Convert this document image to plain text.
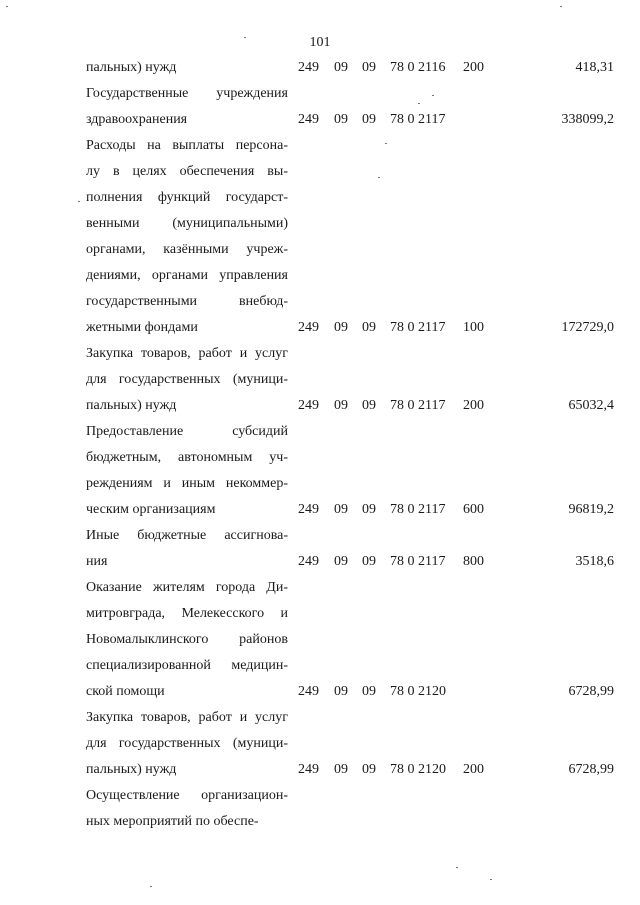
101
пальных) нужд	249 09 09 78 0 2116 200	418,31
Государственные учреждения
здравоохранения	249 09 09 78 0 2117	338099,2
Расходы на выплаты персона-
лу в целях обеспечения вы-
полнения функций государст-
венными (муниципальными)
органами, казёнными учреж-
дениями, органами управления
государственными внебюд-
жетными фондами	249 09 09 78 0 2117 100	172729,0
Закупка товаров, работ и услуг
для государственных (муници-
пальных) нужд	249 09 09 78 0 2117 200	65032,4
Предоставление субсидий
бюджетным, автономным уч-
реждениям и иным некоммер-
ческим организациям	249 09 09 78 0 2117 600	96819,2
Иные бюджетные ассигнова-
ния	249 09 09 78 0 2117 800	3518,6
Оказание жителям города Ди-
митровграда, Мелекесского и
Новомалыклинского районов
специализированной медицин-
ской помощи	249 09 09 78 0 2120	6728,99
Закупка товаров, работ и услуг
для государственных (муници-
пальных) нужд	249 09 09 78 0 2120 200	6728,99
Осуществление организацион-
ных мероприятий по обеспе-
